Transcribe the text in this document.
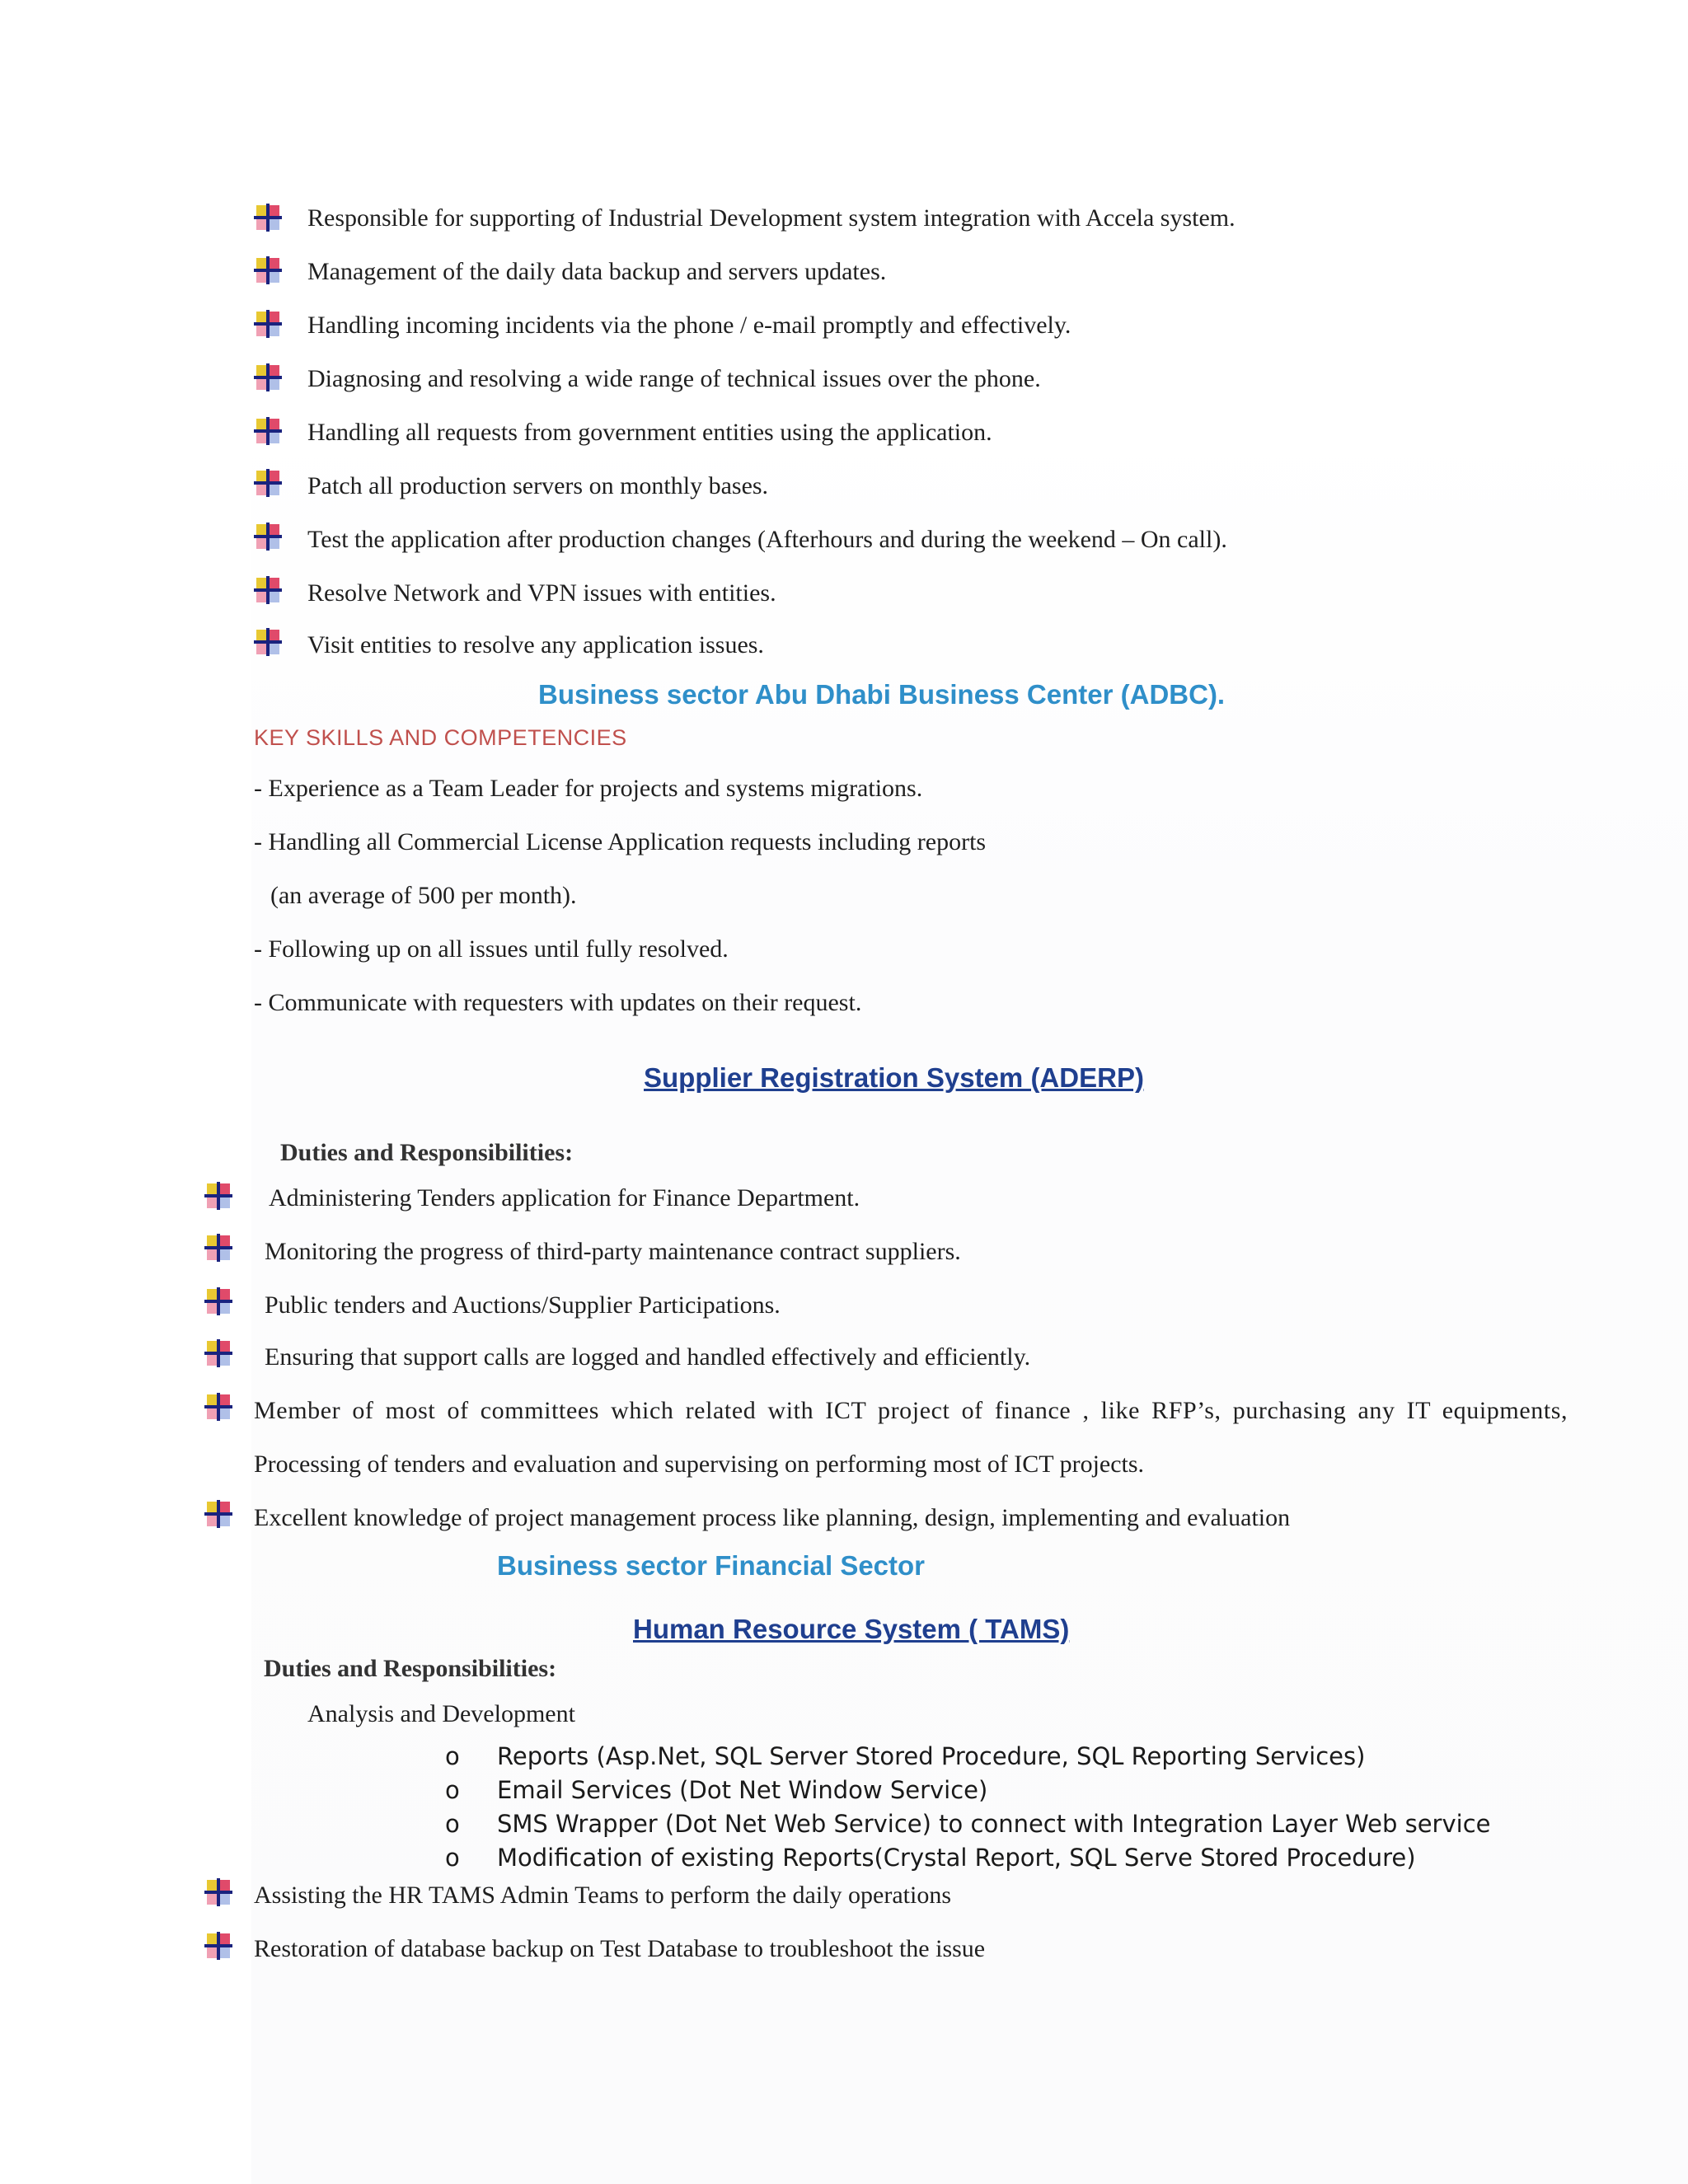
Responsible for supporting of Industrial Development system integration with Accela system.
Management of the daily data backup and servers updates.
Handling incoming incidents via the phone / e-mail promptly and effectively.
Diagnosing and resolving a wide range of technical issues over the phone.
Handling all requests from government entities using the application.
Patch all production servers on monthly bases.
Test the application after production changes (Afterhours and during the weekend – On call).
Resolve Network and VPN issues with entities.
Visit entities to resolve any application issues.
Business sector Abu Dhabi Business Center (ADBC).
KEY SKILLS AND COMPETENCIES
- Experience as a Team Leader for projects and systems migrations.
- Handling all Commercial License Application requests including reports
(an average of 500 per month).
- Following up on all issues until fully resolved.
- Communicate with requesters with updates on their request.
Supplier Registration System (ADERP)
Duties and Responsibilities:
Administering Tenders application for Finance Department.
Monitoring the progress of third-party maintenance contract suppliers.
Public tenders and Auctions/Supplier Participations.
Ensuring that support calls are logged and handled effectively and efficiently.
Member of most of committees which related with ICT project of finance , like RFP’s, purchasing any IT equipments,
Processing of tenders and evaluation and supervising on performing most of ICT projects.
Excellent knowledge of project management process like planning, design, implementing and evaluation
Business sector Financial Sector
Human Resource System ( TAMS)
Duties and Responsibilities:
Analysis and Development
o Reports (Asp.Net, SQL Server Stored Procedure, SQL Reporting Services)
o Email Services (Dot Net Window Service)
o SMS Wrapper (Dot Net Web Service) to connect with Integration Layer Web service
o Modification of existing Reports(Crystal Report, SQL Serve Stored Procedure)
Assisting the HR TAMS Admin Teams to perform the daily operations
Restoration of database backup on Test Database to troubleshoot the issue
